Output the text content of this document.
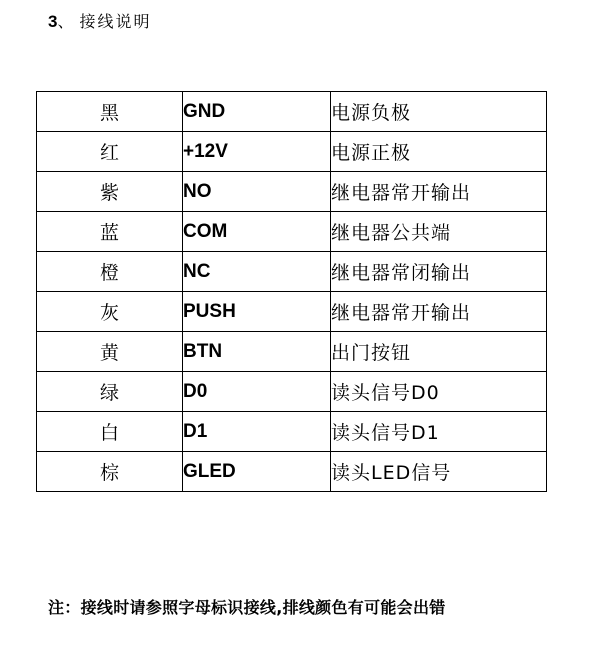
3 、 接线说明
黑	GND	电源负极
红	+12V	电源正极
紫	NO	继电器常开输出
蓝	COM	继电器公共端
橙	NC	继电器常闭输出
灰	PUSH	继电器常开输出
黄	BTN	出门按钮
绿	D0	读头信号D0
白	D1	读头信号D1
棕	GLED	读头LED信号
注：接线时请参照字母标识接线,排线颜色有可能会出错
